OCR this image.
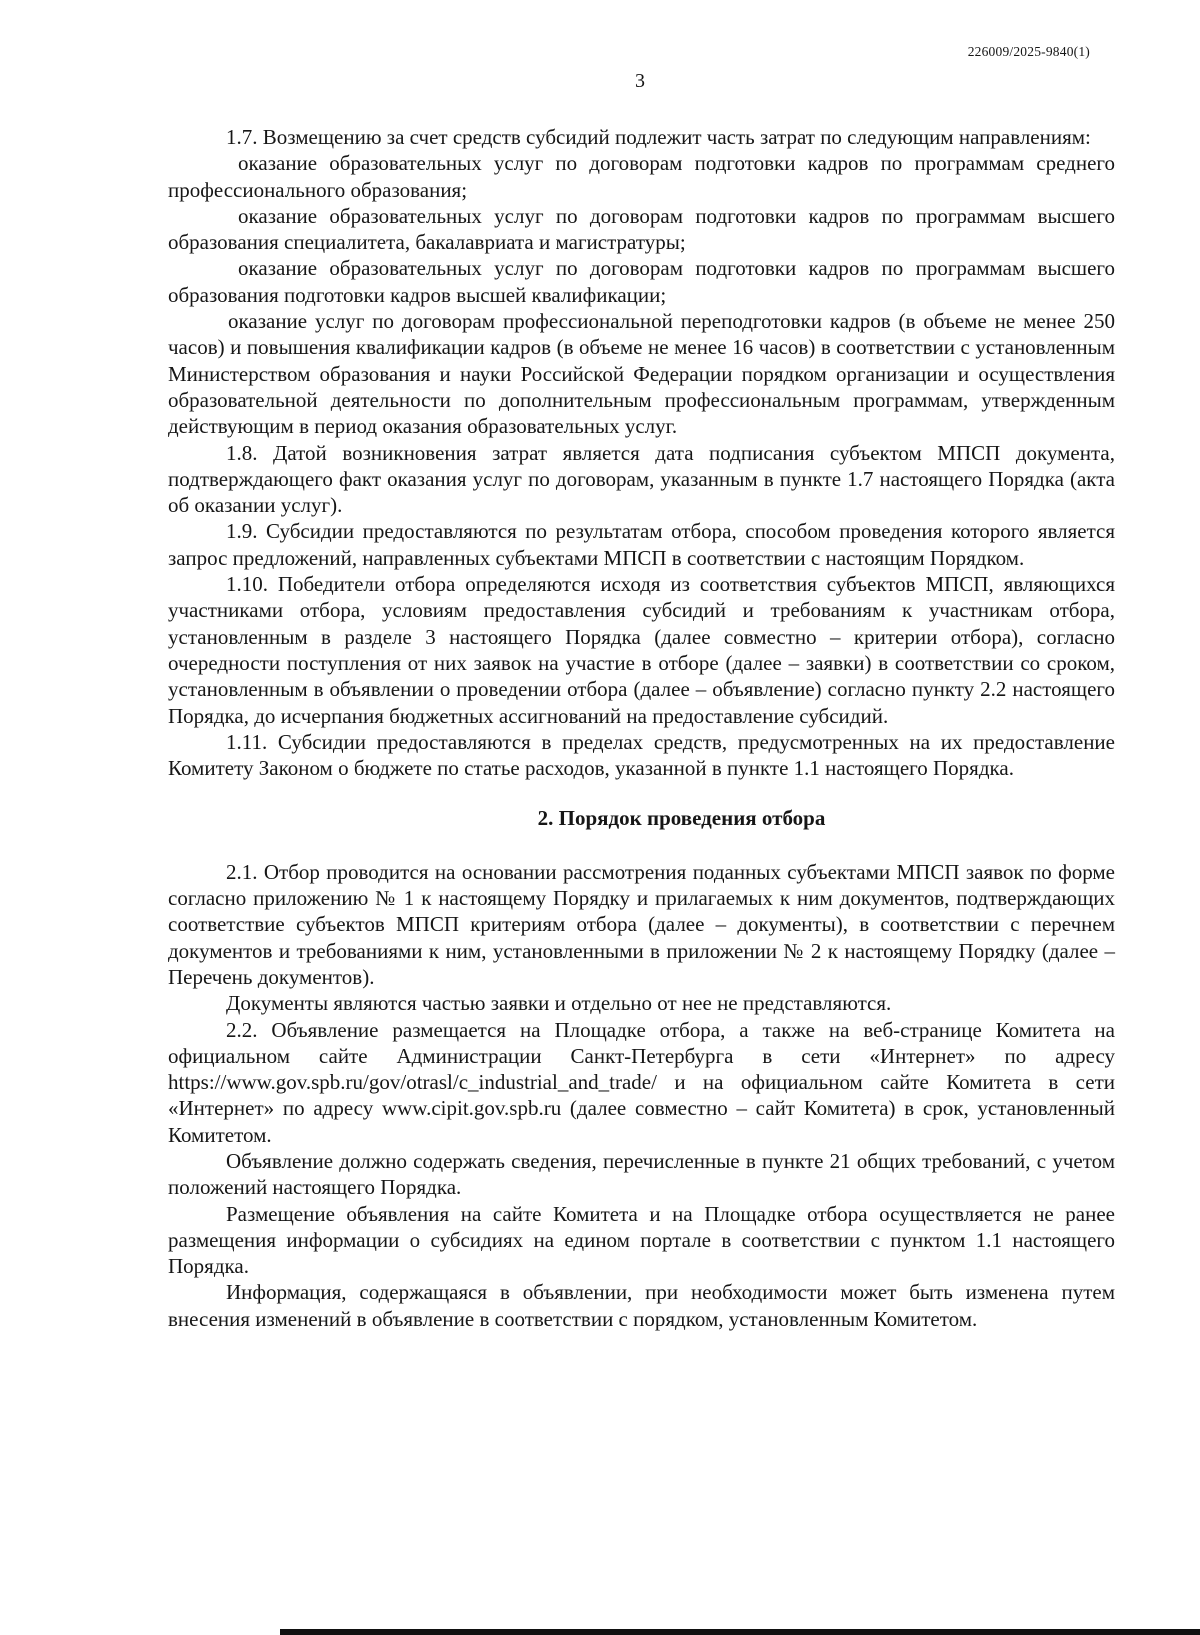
226009/2025-9840(1)
3

1.7. Возмещению за счет средств субсидий подлежит часть затрат по следующим направлениям:

оказание образовательных услуг по договорам подготовки кадров по программам среднего профессионального образования;

оказание образовательных услуг по договорам подготовки кадров по программам высшего образования специалитета, бакалавриата и магистратуры;

оказание образовательных услуг по договорам подготовки кадров по программам высшего образования подготовки кадров высшей квалификации;

оказание услуг по договорам профессиональной переподготовки кадров (в объеме не менее 250 часов) и повышения квалификации кадров (в объеме не менее 16 часов) в соответствии с установленным Министерством образования и науки Российской Федерации порядком организации и осуществления образовательной деятельности по дополнительным профессиональным программам, утвержденным действующим в период оказания образовательных услуг.

1.8. Датой возникновения затрат является дата подписания субъектом МПСП документа, подтверждающего факт оказания услуг по договорам, указанным в пункте 1.7 настоящего Порядка (акта об оказании услуг).

1.9. Субсидии предоставляются по результатам отбора, способом проведения которого является запрос предложений, направленных субъектами МПСП в соответствии с настоящим Порядком.

1.10. Победители отбора определяются исходя из соответствия субъектов МПСП, являющихся участниками отбора, условиям предоставления субсидий и требованиям к участникам отбора, установленным в разделе 3 настоящего Порядка (далее совместно – критерии отбора), согласно очередности поступления от них заявок на участие в отборе (далее – заявки) в соответствии со сроком, установленным в объявлении о проведении отбора (далее – объявление) согласно пункту 2.2 настоящего Порядка, до исчерпания бюджетных ассигнований на предоставление субсидий.

1.11. Субсидии предоставляются в пределах средств, предусмотренных на их предоставление Комитету Законом о бюджете по статье расходов, указанной в пункте 1.1 настоящего Порядка.

2. Порядок проведения отбора

2.1. Отбор проводится на основании рассмотрения поданных субъектами МПСП заявок по форме согласно приложению № 1 к настоящему Порядку и прилагаемых к ним документов, подтверждающих соответствие субъектов МПСП критериям отбора (далее – документы), в соответствии с перечнем документов и требованиями к ним, установленными в приложении № 2 к настоящему Порядку (далее – Перечень документов).

Документы являются частью заявки и отдельно от нее не представляются.

2.2. Объявление размещается на Площадке отбора, а также на веб-странице Комитета на официальном сайте Администрации Санкт-Петербурга в сети «Интернет» по адресу https://www.gov.spb.ru/gov/otrasl/c_industrial_and_trade/ и на официальном сайте Комитета в сети «Интернет» по адресу www.cipit.gov.spb.ru (далее совместно – сайт Комитета) в срок, установленный Комитетом.

Объявление должно содержать сведения, перечисленные в пункте 21 общих требований, с учетом положений настоящего Порядка.

Размещение объявления на сайте Комитета и на Площадке отбора осуществляется не ранее размещения информации о субсидиях на едином портале в соответствии с пунктом 1.1 настоящего Порядка.

Информация, содержащаяся в объявлении, при необходимости может быть изменена путем внесения изменений в объявление в соответствии с порядком, установленным Комитетом.
